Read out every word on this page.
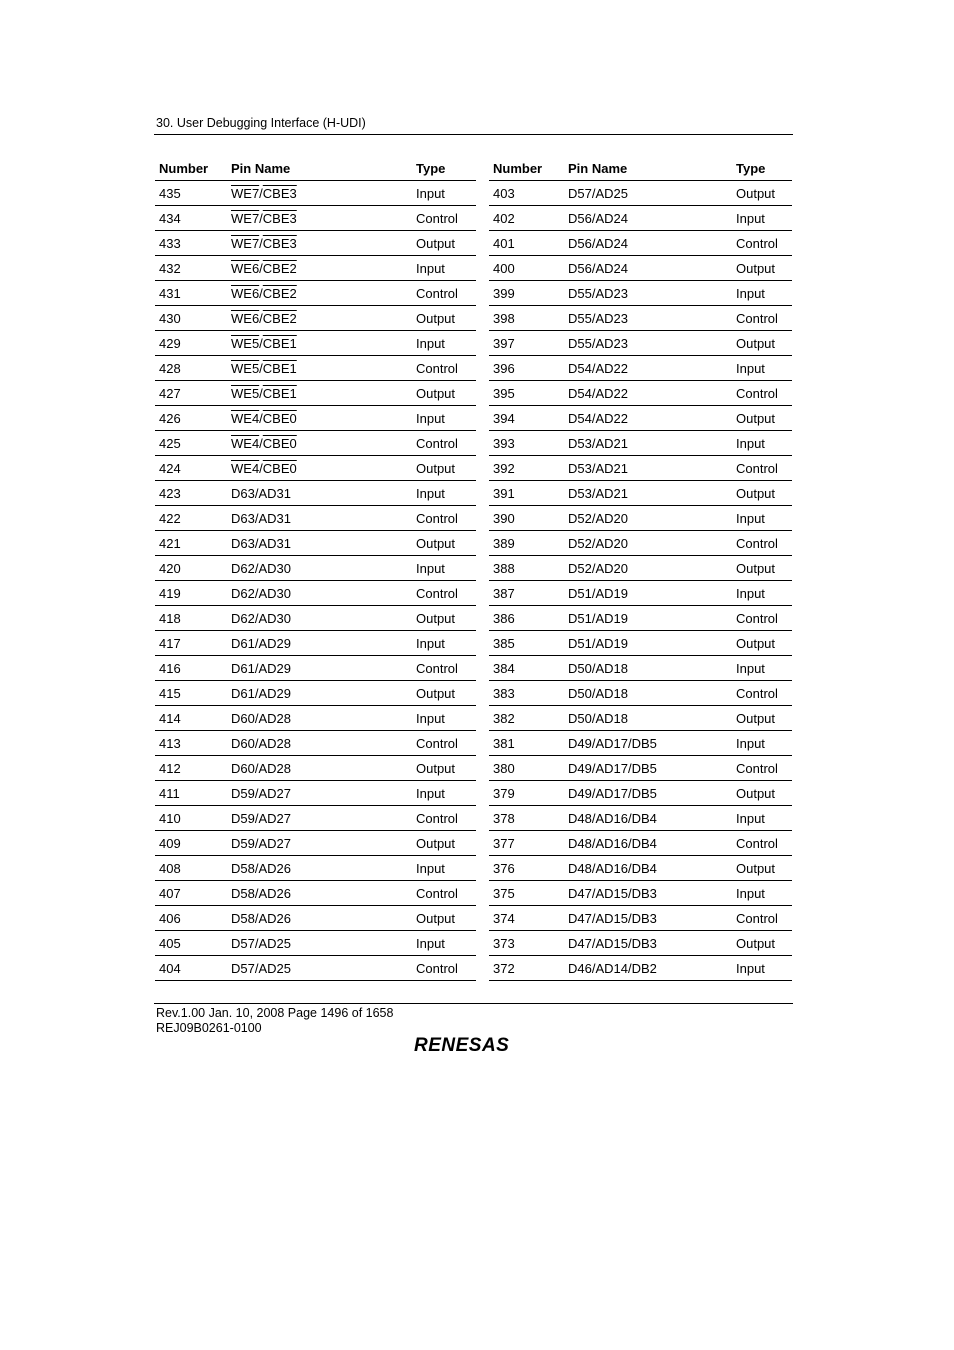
30. User Debugging Interface (H-UDI)
Number	Pin Name	Type
435	WE7/CBE3	Input
434	WE7/CBE3	Control
433	WE7/CBE3	Output
432	WE6/CBE2	Input
431	WE6/CBE2	Control
430	WE6/CBE2	Output
429	WE5/CBE1	Input
428	WE5/CBE1	Control
427	WE5/CBE1	Output
426	WE4/CBE0	Input
425	WE4/CBE0	Control
424	WE4/CBE0	Output
423	D63/AD31	Input
422	D63/AD31	Control
421	D63/AD31	Output
420	D62/AD30	Input
419	D62/AD30	Control
418	D62/AD30	Output
417	D61/AD29	Input
416	D61/AD29	Control
415	D61/AD29	Output
414	D60/AD28	Input
413	D60/AD28	Control
412	D60/AD28	Output
411	D59/AD27	Input
410	D59/AD27	Control
409	D59/AD27	Output
408	D58/AD26	Input
407	D58/AD26	Control
406	D58/AD26	Output
405	D57/AD25	Input
404	D57/AD25	Control
Number	Pin Name	Type
403	D57/AD25	Output
402	D56/AD24	Input
401	D56/AD24	Control
400	D56/AD24	Output
399	D55/AD23	Input
398	D55/AD23	Control
397	D55/AD23	Output
396	D54/AD22	Input
395	D54/AD22	Control
394	D54/AD22	Output
393	D53/AD21	Input
392	D53/AD21	Control
391	D53/AD21	Output
390	D52/AD20	Input
389	D52/AD20	Control
388	D52/AD20	Output
387	D51/AD19	Input
386	D51/AD19	Control
385	D51/AD19	Output
384	D50/AD18	Input
383	D50/AD18	Control
382	D50/AD18	Output
381	D49/AD17/DB5	Input
380	D49/AD17/DB5	Control
379	D49/AD17/DB5	Output
378	D48/AD16/DB4	Input
377	D48/AD16/DB4	Control
376	D48/AD16/DB4	Output
375	D47/AD15/DB3	Input
374	D47/AD15/DB3	Control
373	D47/AD15/DB3	Output
372	D46/AD14/DB2	Input
Rev.1.00 Jan. 10, 2008 Page 1496 of 1658
REJ09B0261-0100
RENESAS
